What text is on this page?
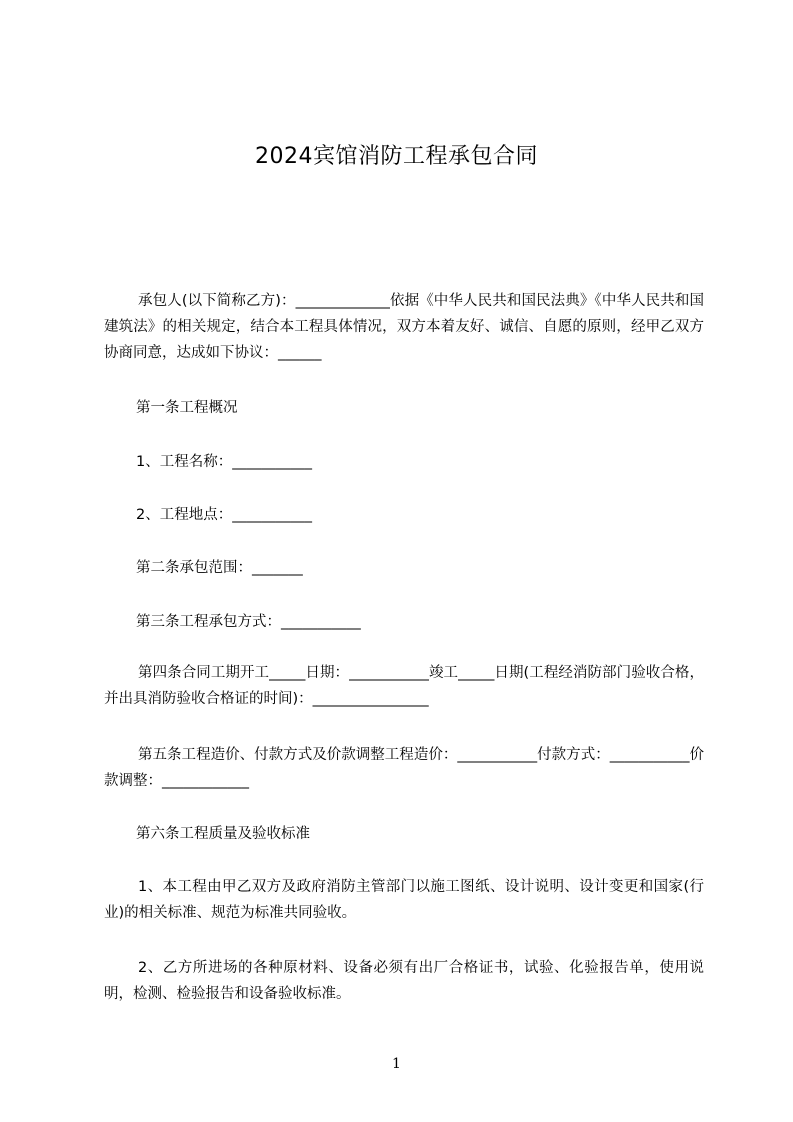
2024宾馆消防工程承包合同
承包人(以下简称乙方)：_____________依据《中华人民共和国民法典》《中华人民共和国建筑法》的相关规定，结合本工程具体情况，双方本着友好、诚信、自愿的原则，经甲乙双方协商同意，达成如下协议：______
第一条工程概况
1、工程名称：___________
2、工程地点：___________
第二条承包范围：_______
第三条工程承包方式：___________
第四条合同工期开工_____日期：___________竣工_____日期(工程经消防部门验收合格，并出具消防验收合格证的时间)：________________
第五条工程造价、付款方式及价款调整工程造价：___________付款方式：___________价款调整：____________
第六条工程质量及验收标准
1、本工程由甲乙双方及政府消防主管部门以施工图纸、设计说明、设计变更和国家(行业)的相关标准、规范为标准共同验收。
2、乙方所进场的各种原材料、设备必须有出厂合格证书，试验、化验报告单，使用说明，检测、检验报告和设备验收标准。
1
